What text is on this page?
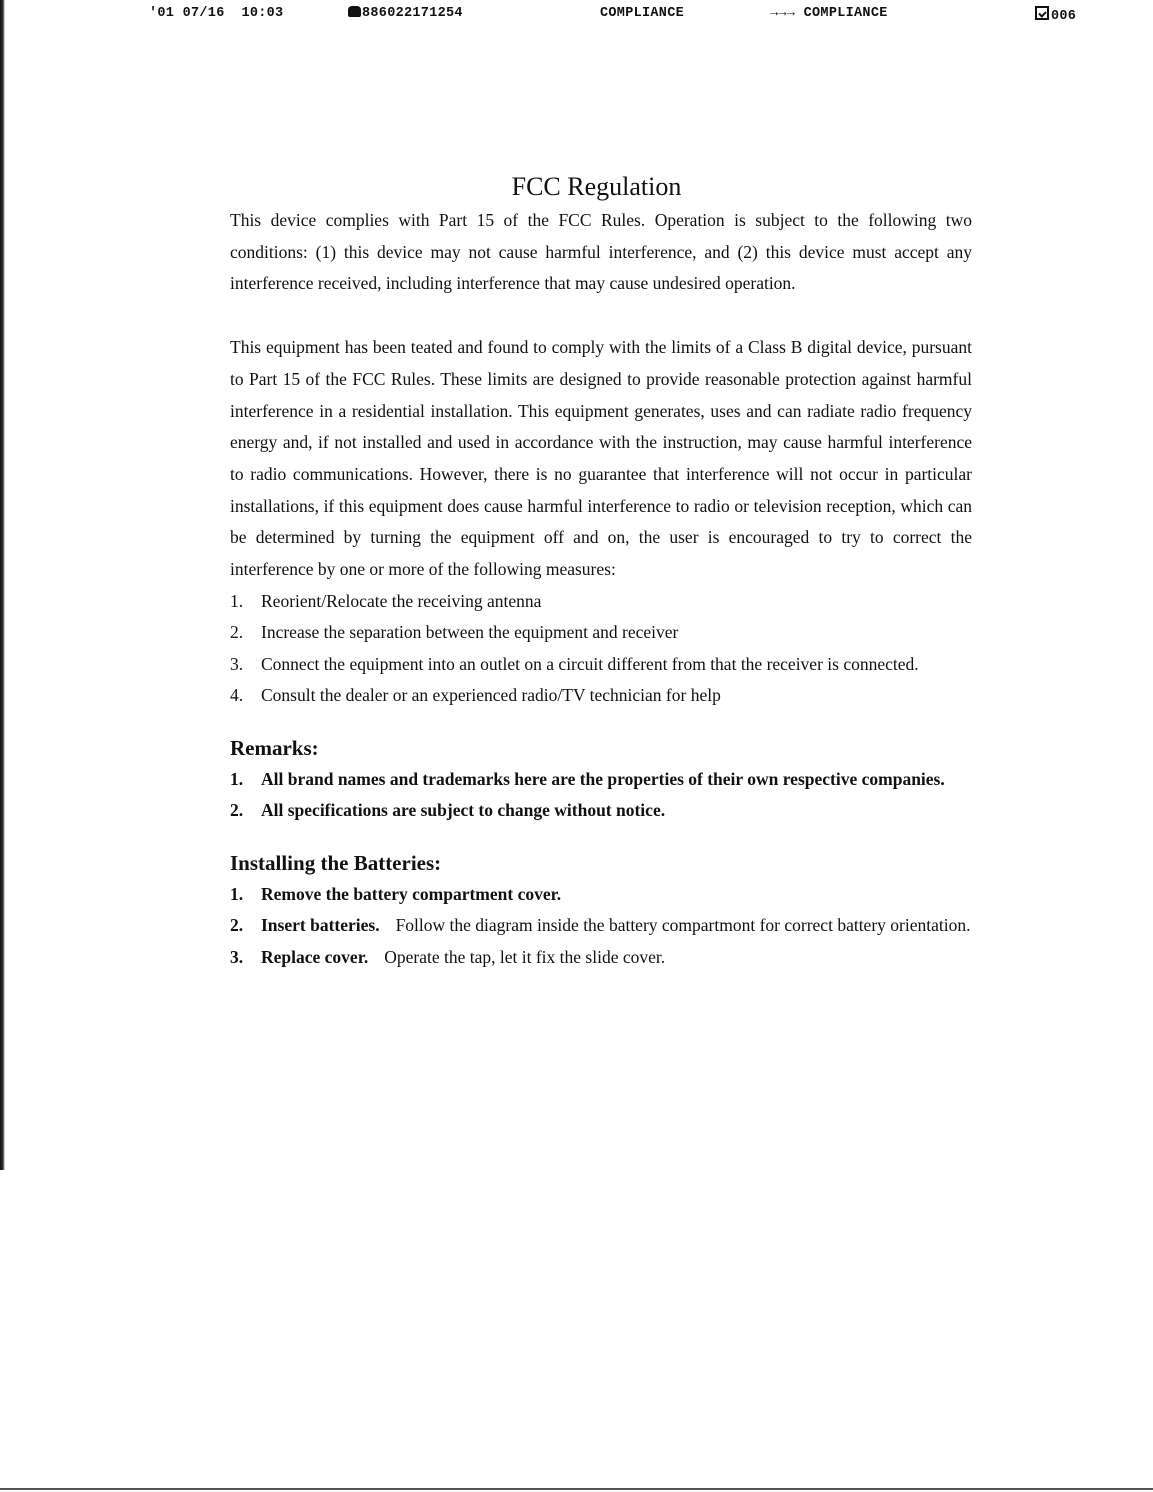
'01 07/16 10:03	886022171254	COMPLIANCE	→→→ COMPLIANCE	006
FCC Regulation

This device complies with Part 15 of the FCC Rules. Operation is subject to the following two conditions: (1) this device may not cause harmful interference, and (2) this device must accept any interference received, including interference that may cause undesired operation.

This equipment has been teated and found to comply with the limits of a Class B digital device, pursuant to Part 15 of the FCC Rules. These limits are designed to provide reasonable protection against harmful interference in a residential installation. This equipment generates, uses and can radiate radio frequency energy and, if not installed and used in accordance with the instruction, may cause harmful interference to radio communications. However, there is no guarantee that interference will not occur in particular installations, if this equipment does cause harmful interference to radio or television reception, which can be determined by turning the equipment off and on, the user is encouraged to try to correct the interference by one or more of the following measures:

1. Reorient/Relocate the receiving antenna
2. Increase the separation between the equipment and receiver
3. Connect the equipment into an outlet on a circuit different from that the receiver is connected.
4. Consult the dealer or an experienced radio/TV technician for help
Remarks:
1. All brand names and trademarks here are the properties of their own respective companies.
2. All specifications are subject to change without notice.
Installing the Batteries:
1. Remove the battery compartment cover.
2. Insert batteries. Follow the diagram inside the battery compartmont for correct battery orientation.
3. Replace cover. Operate the tap, let it fix the slide cover.
